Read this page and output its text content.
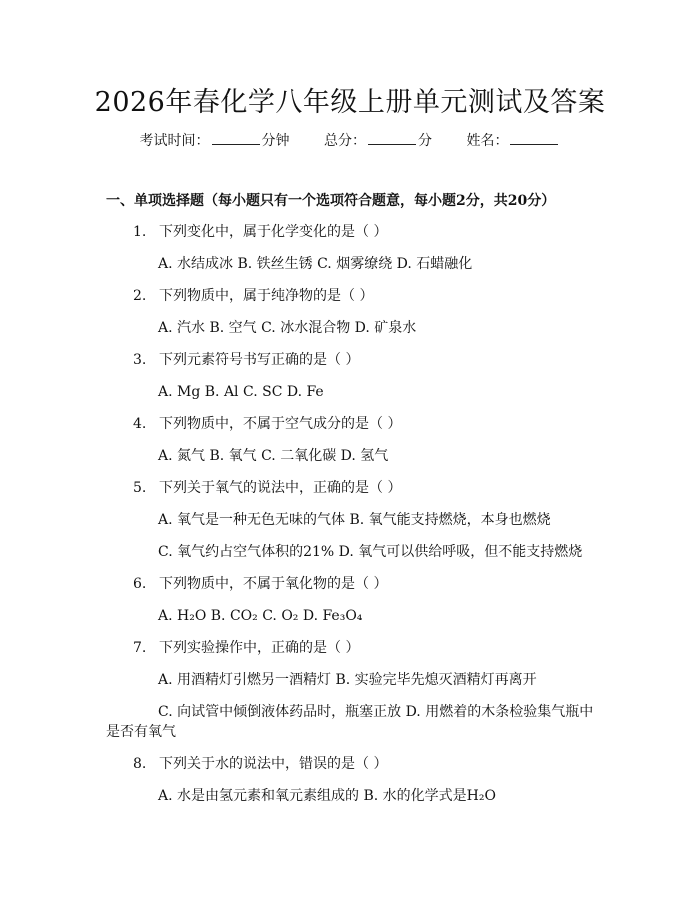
2026年春化学八年级上册单元测试及答案
考试时间：	分钟 总分：	分 姓名：
一、单项选择题（每小题只有一个选项符合题意，每小题2分，共20分）
1. 下列变化中，属于化学变化的是（ ）
A. 水结成冰 B. 铁丝生锈 C. 烟雾缭绕 D. 石蜡融化
2. 下列物质中，属于纯净物的是（ ）
A. 汽水 B. 空气 C. 冰水混合物 D. 矿泉水
3. 下列元素符号书写正确的是（ ）
A. Mg B. Al C. SC D. Fe
4. 下列物质中，不属于空气成分的是（ ）
A. 氮气 B. 氧气 C. 二氧化碳 D. 氢气
5. 下列关于氧气的说法中，正确的是（ ）
A. 氧气是一种无色无味的气体 B. 氧气能支持燃烧，本身也燃烧
C. 氧气约占空气体积的21% D. 氧气可以供给呼吸，但不能支持燃烧
6. 下列物质中，不属于氧化物的是（ ）
A. H₂O B. CO₂ C. O₂ D. Fe₃O₄
7. 下列实验操作中，正确的是（ ）
A. 用酒精灯引燃另一酒精灯 B. 实验完毕先熄灭酒精灯再离开
C. 向试管中倾倒液体药品时，瓶塞正放 D. 用燃着的木条检验集气瓶中
是否有氧气
8. 下列关于水的说法中，错误的是（ ）
A. 水是由氢元素和氧元素组成的 B. 水的化学式是H₂O
